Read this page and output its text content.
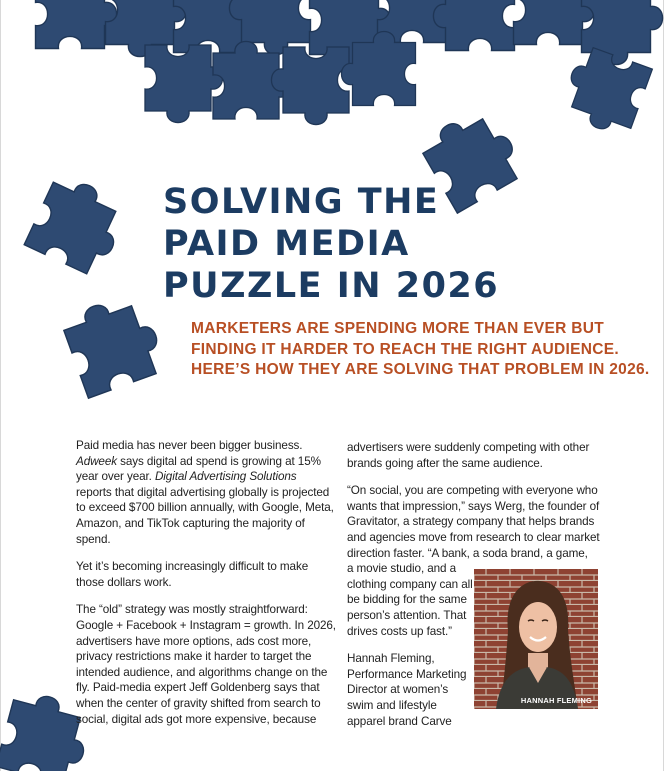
SOLVING THE
PAID MEDIA
PUZZLE IN 2026
MARKETERS ARE SPENDING MORE THAN EVER BUT
FINDING IT HARDER TO REACH THE RIGHT AUDIENCE.
HERE’S HOW THEY ARE SOLVING THAT PROBLEM IN 2026.

Paid media has never been bigger business.
Adweek says digital ad spend is growing at 15%
year over year. Digital Advertising Solutions
reports that digital advertising globally is projected
to exceed $700 billion annually, with Google, Meta,
Amazon, and TikTok capturing the majority of
spend.

Yet it’s becoming increasingly difficult to make
those dollars work.

The “old” strategy was mostly straightforward:
Google + Facebook + Instagram = growth. In 2026,
advertisers have more options, ads cost more,
privacy restrictions make it harder to target the
intended audience, and algorithms change on the
fly. Paid-media expert Jeff Goldenberg says that
when the center of gravity shifted from search to
social, digital ads got more expensive, because

advertisers were suddenly competing with other
brands going after the same audience.

“On social, you are competing with everyone who
wants that impression,” says Werg, the founder of
Gravitator, a strategy company that helps brands
and agencies move from research to clear market
direction faster. “A bank, a soda brand, a game,
a movie studio, and a
clothing company can all
be bidding for the same
person’s attention. That
drives costs up fast.”

Hannah Fleming,
Performance Marketing
Director at women’s
swim and lifestyle
apparel brand Carve

HANNAH FLEMING
